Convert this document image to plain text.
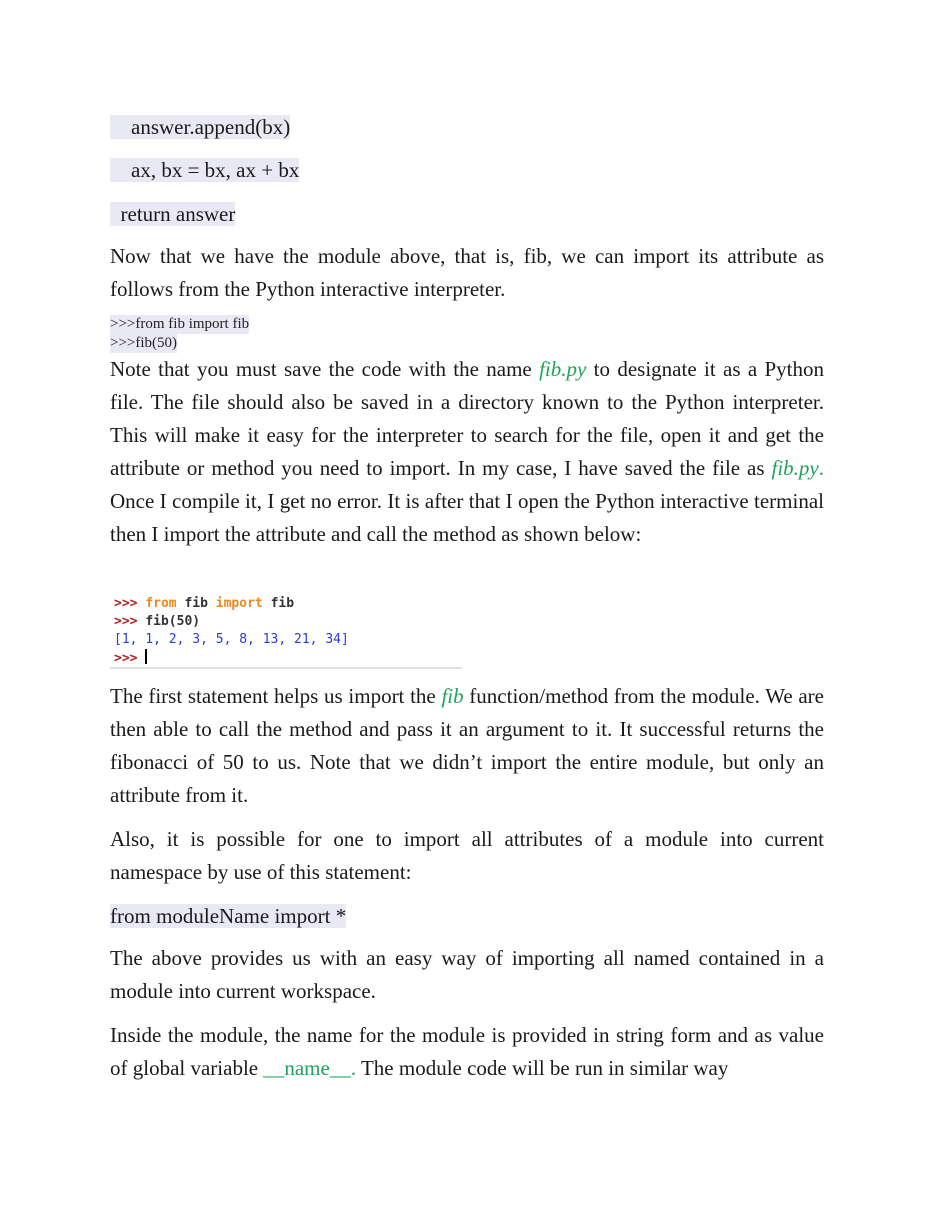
answer.append(bx)
ax, bx = bx, ax + bx
return answer

Now that we have the module above, that is, fib, we can import its attribute as follows from the Python interactive interpreter.

>>>from fib import fib
>>>fib(50)

Note that you must save the code with the name fib.py to designate it as a Python file. The file should also be saved in a directory known to the Python interpreter. This will make it easy for the interpreter to search for the file, open it and get the attribute or method you need to import. In my case, I have saved the file as fib.py. Once I compile it, I get no error. It is after that I open the Python interactive terminal then I import the attribute and call the method as shown below:

>>> from fib import fib
>>> fib(50)
[1, 1, 2, 3, 5, 8, 13, 21, 34]
>>>

The first statement helps us import the fib function/method from the module. We are then able to call the method and pass it an argument to it. It successful returns the fibonacci of 50 to us. Note that we didn’t import the entire module, but only an attribute from it.

Also, it is possible for one to import all attributes of a module into current namespace by use of this statement:

from moduleName import *

The above provides us with an easy way of importing all named contained in a module into current workspace.

Inside the module, the name for the module is provided in string form and as value of global variable __name__. The module code will be run in similar way
